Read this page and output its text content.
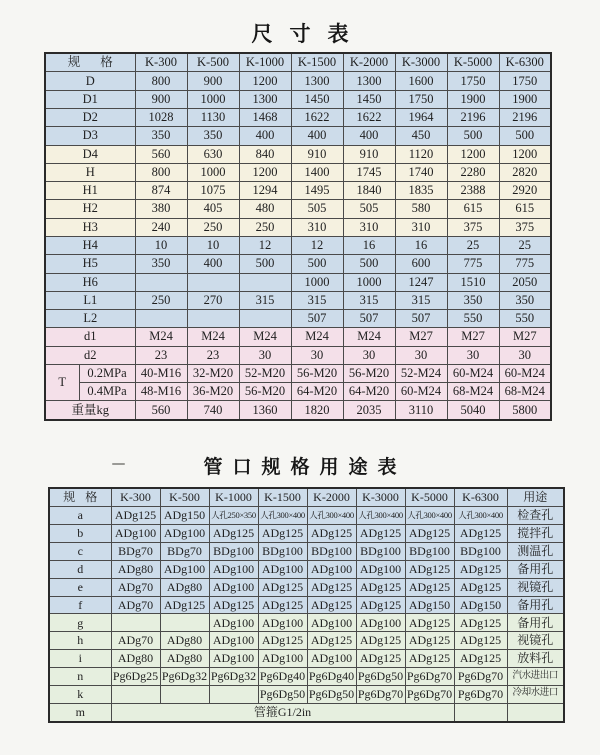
尺寸表
规格		K-300	K-500	K-1000	K-1500	K-2000	K-3000	K-5000	K-6300
D		800	900	1200	1300	1300	1600	1750	1750
D1		900	1000	1300	1450	1450	1750	1900	1900
D2		1028	1130	1468	1622	1622	1964	2196	2196
D3		350	350	400	400	400	450	500	500
D4		560	630	840	910	910	1120	1200	1200
H		800	1000	1200	1400	1745	1740	2280	2820
H1		874	1075	1294	1495	1840	1835	2388	2920
H2		380	405	480	505	505	580	615	615
H3		240	250	250	310	310	310	375	375
H4		10	10	12	12	16	16	25	25
H5		350	400	500	500	500	600	775	775
H6					1000	1000	1247	1510	2050
L1		250	270	315	315	315	315	350	350
L2					507	507	507	550	550
d1		M24	M24	M24	M24	M24	M27	M27	M27
d2		23	23	30	30	30	30	30	30
T	0.2MPa	40-M16	32-M20	52-M20	56-M20	56-M20	52-M24	60-M24	60-M24
	0.4MPa	48-M16	36-M20	56-M20	64-M20	64-M20	60-M24	68-M24	68-M24
重量kg		560	740	1360	1820	2035	3110	5040	5800
管口规格用途表
规格	K-300	K-500	K-1000	K-1500	K-2000	K-3000	K-5000	K-6300	用途
a	ADg125	ADg150	人孔250×350	人孔300×400	人孔300×400	人孔300×400	人孔300×400	人孔300×400	检查孔
b	ADg100	ADg100	ADg125	ADg125	ADg125	ADg125	ADg125	ADg125	搅拌孔
c	BDg70	BDg70	BDg100	BDg100	BDg100	BDg100	BDg100	BDg100	测温孔
d	ADg80	ADg100	ADg100	ADg100	ADg100	ADg100	ADg125	ADg125	备用孔
e	ADg70	ADg80	ADg100	ADg125	ADg125	ADg125	ADg125	ADg125	视镜孔
f	ADg70	ADg125	ADg125	ADg125	ADg125	ADg125	ADg150	ADg150	备用孔
g			ADg100	ADg100	ADg100	ADg100	ADg125	ADg125	备用孔
h	ADg70	ADg80	ADg100	ADg125	ADg125	ADg125	ADg125	ADg125	视镜孔
i	ADg80	ADg80	ADg100	ADg100	ADg100	ADg125	ADg125	ADg125	放料孔
n	Pg6Dg25	Pg6Dg32	Pg6Dg32	Pg6Dg40	Pg6Dg40	Pg6Dg50	Pg6Dg70	Pg6Dg70	汽水进出口
k				Pg6Dg50	Pg6Dg50	Pg6Dg70	Pg6Dg70	Pg6Dg70	冷却水进口
m	管箍G1/2in								
